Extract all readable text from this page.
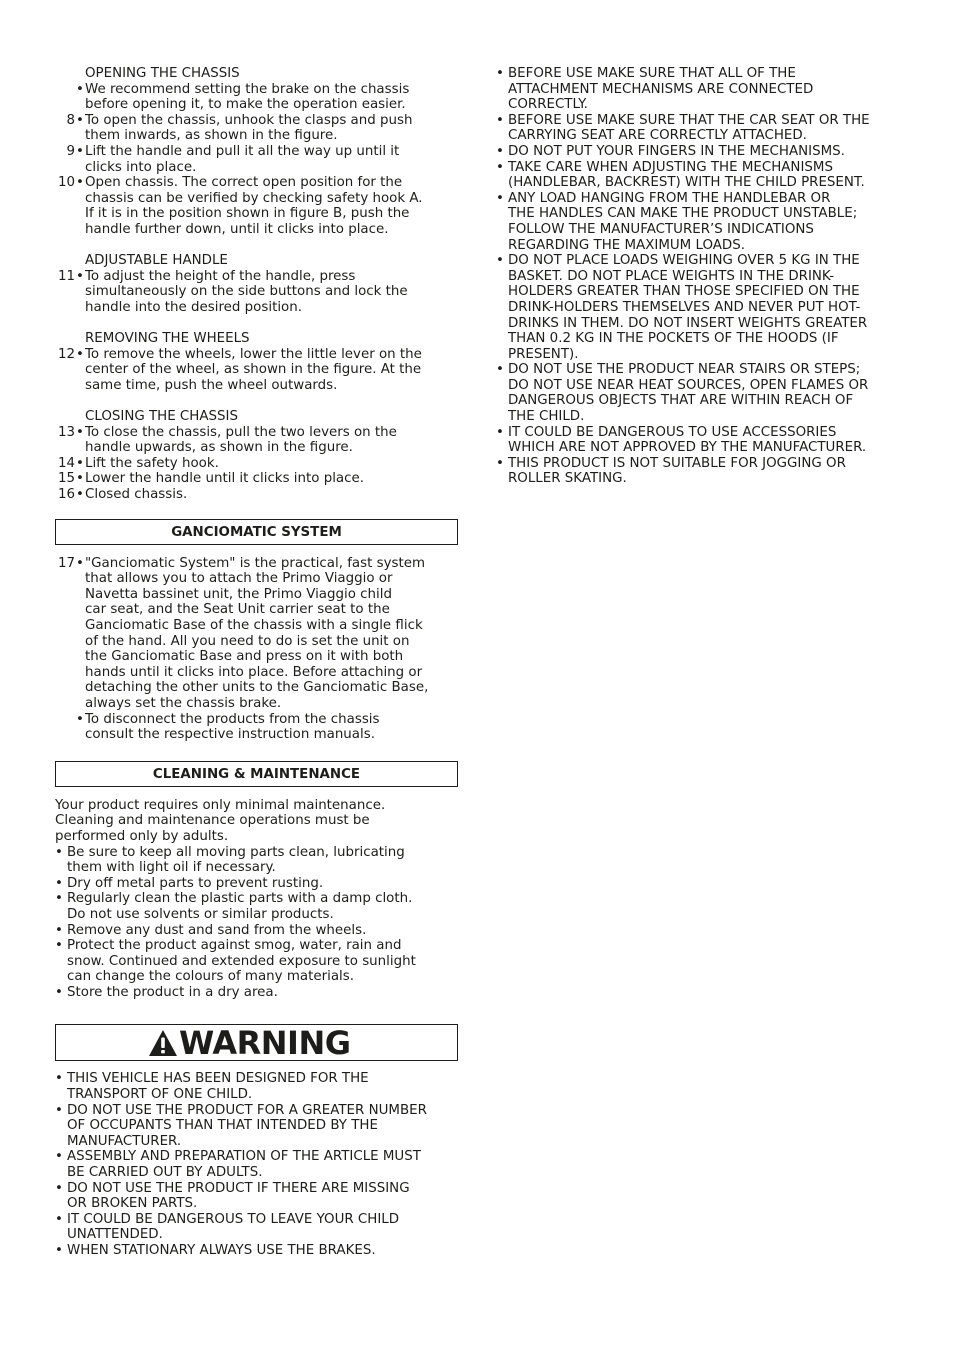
OPENING THE CHASSIS
• We recommend setting the brake on the chassis
before opening it, to make the operation easier.
8 • To open the chassis, unhook the clasps and push
them inwards, as shown in the figure.
9 • Lift the handle and pull it all the way up until it
clicks into place.
10 • Open chassis. The correct open position for the
chassis can be verified by checking safety hook A.
If it is in the position shown in figure B, push the
handle further down, until it clicks into place.
ADJUSTABLE HANDLE
11 • To adjust the height of the handle, press
simultaneously on the side buttons and lock the
handle into the desired position.
REMOVING THE WHEELS
12 • To remove the wheels, lower the little lever on the
center of the wheel, as shown in the figure. At the
same time, push the wheel outwards.
CLOSING THE CHASSIS
13 • To close the chassis, pull the two levers on the
handle upwards, as shown in the figure.
14 • Lift the safety hook.
15 • Lower the handle until it clicks into place.
16 • Closed chassis.
GANCIOMATIC SYSTEM
17 • "Ganciomatic System" is the practical, fast system
that allows you to attach the Primo Viaggio or
Navetta bassinet unit, the Primo Viaggio child
car seat, and the Seat Unit carrier seat to the
Ganciomatic Base of the chassis with a single flick
of the hand. All you need to do is set the unit on
the Ganciomatic Base and press on it with both
hands until it clicks into place. Before attaching or
detaching the other units to the Ganciomatic Base,
always set the chassis brake.
• To disconnect the products from the chassis
consult the respective instruction manuals.
CLEANING & MAINTENANCE
Your product requires only minimal maintenance.
Cleaning and maintenance operations must be
performed only by adults.
• Be sure to keep all moving parts clean, lubricating
them with light oil if necessary.
• Dry off metal parts to prevent rusting.
• Regularly clean the plastic parts with a damp cloth.
Do not use solvents or similar products.
• Remove any dust and sand from the wheels.
• Protect the product against smog, water, rain and
snow. Continued and extended exposure to sunlight
can change the colours of many materials.
• Store the product in a dry area.
WARNING
• THIS VEHICLE HAS BEEN DESIGNED FOR THE
TRANSPORT OF ONE CHILD.
• DO NOT USE THE PRODUCT FOR A GREATER NUMBER
OF OCCUPANTS THAN THAT INTENDED BY THE
MANUFACTURER.
• ASSEMBLY AND PREPARATION OF THE ARTICLE MUST
BE CARRIED OUT BY ADULTS.
• DO NOT USE THE PRODUCT IF THERE ARE MISSING
OR BROKEN PARTS.
• IT COULD BE DANGEROUS TO LEAVE YOUR CHILD
UNATTENDED.
• WHEN STATIONARY ALWAYS USE THE BRAKES.
• BEFORE USE MAKE SURE THAT ALL OF THE
ATTACHMENT MECHANISMS ARE CONNECTED
CORRECTLY.
• BEFORE USE MAKE SURE THAT THE CAR SEAT OR THE
CARRYING SEAT ARE CORRECTLY ATTACHED.
• DO NOT PUT YOUR FINGERS IN THE MECHANISMS.
• TAKE CARE WHEN ADJUSTING THE MECHANISMS
(HANDLEBAR, BACKREST) WITH THE CHILD PRESENT.
• ANY LOAD HANGING FROM THE HANDLEBAR OR
THE HANDLES CAN MAKE THE PRODUCT UNSTABLE;
FOLLOW THE MANUFACTURER’S INDICATIONS
REGARDING THE MAXIMUM LOADS.
• DO NOT PLACE LOADS WEIGHING OVER 5 KG IN THE
BASKET. DO NOT PLACE WEIGHTS IN THE DRINK-
HOLDERS GREATER THAN THOSE SPECIFIED ON THE
DRINK-HOLDERS THEMSELVES AND NEVER PUT HOT-
DRINKS IN THEM. DO NOT INSERT WEIGHTS GREATER
THAN 0.2 KG IN THE POCKETS OF THE HOODS (IF
PRESENT).
• DO NOT USE THE PRODUCT NEAR STAIRS OR STEPS;
DO NOT USE NEAR HEAT SOURCES, OPEN FLAMES OR
DANGEROUS OBJECTS THAT ARE WITHIN REACH OF
THE CHILD.
• IT COULD BE DANGEROUS TO USE ACCESSORIES
WHICH ARE NOT APPROVED BY THE MANUFACTURER.
• THIS PRODUCT IS NOT SUITABLE FOR JOGGING OR
ROLLER SKATING.
